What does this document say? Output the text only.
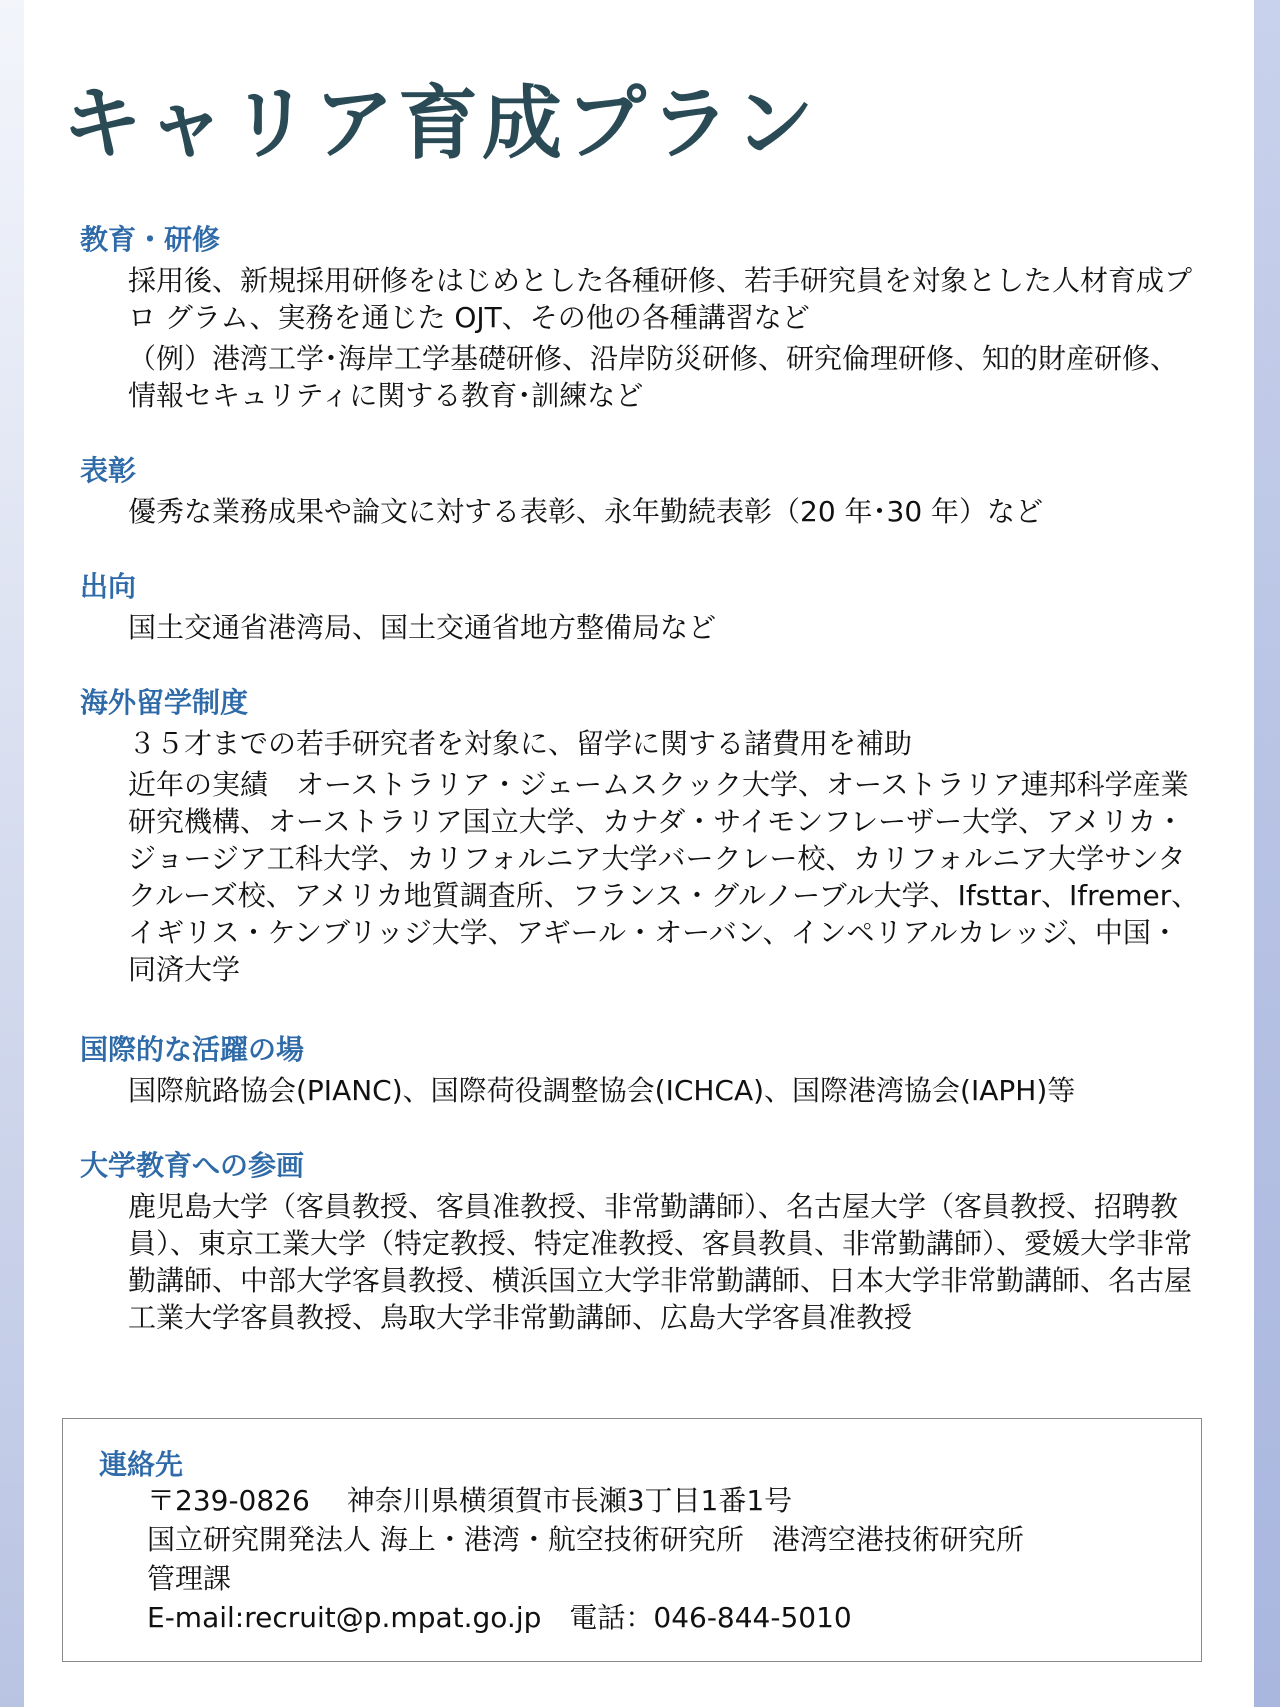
キャリア育成プラン
教育・研修

採用後、新規採用研修をはじめとした各種研修、若手研究員を対象とした人材育成プロ グラム、実務を通じた OJT、その他の各種講習など

（例）港湾工学･海岸工学基礎研修、沿岸防災研修、研究倫理研修、知的財産研修、情報セキュリティに関する教育･訓練など

表彰

優秀な業務成果や論文に対する表彰、永年勤続表彰（20 年･30 年）など

出向

国土交通省港湾局、国土交通省地方整備局など

海外留学制度

３５才までの若手研究者を対象に、留学に関する諸費用を補助

近年の実績　オーストラリア・ジェームスクック大学、オーストラリア連邦科学産業研究機構、オーストラリア国立大学、カナダ・サイモンフレーザー大学、アメリカ・ジョージア工科大学、カリフォルニア大学バークレー校、カリフォルニア大学サンタクルーズ校、アメリカ地質調査所、フランス・グルノーブル大学、Ifsttar、Ifremer、イギリス・ケンブリッジ大学、アギール・オーバン、インペリアルカレッジ、中国・同済大学

国際的な活躍の場

国際航路協会(PIANC)、国際荷役調整協会(ICHCA)、国際港湾協会(IAPH)等

大学教育への参画

鹿児島大学（客員教授、客員准教授、非常勤講師）、名古屋大学（客員教授、招聘教員）、東京工業大学（特定教授、特定准教授、客員教員、非常勤講師）、愛媛大学非常勤講師、中部大学客員教授、横浜国立大学非常勤講師、日本大学非常勤講師、名古屋工業大学客員教授、鳥取大学非常勤講師、広島大学客員准教授

連絡先

〒239-0826　 神奈川県横須賀市長瀬3丁目1番1号

国立研究開発法人 海上・港湾・航空技術研究所　港湾空港技術研究所

管理課

E-mail:recruit@p.mpat.go.jp　電話：046-844-5010
